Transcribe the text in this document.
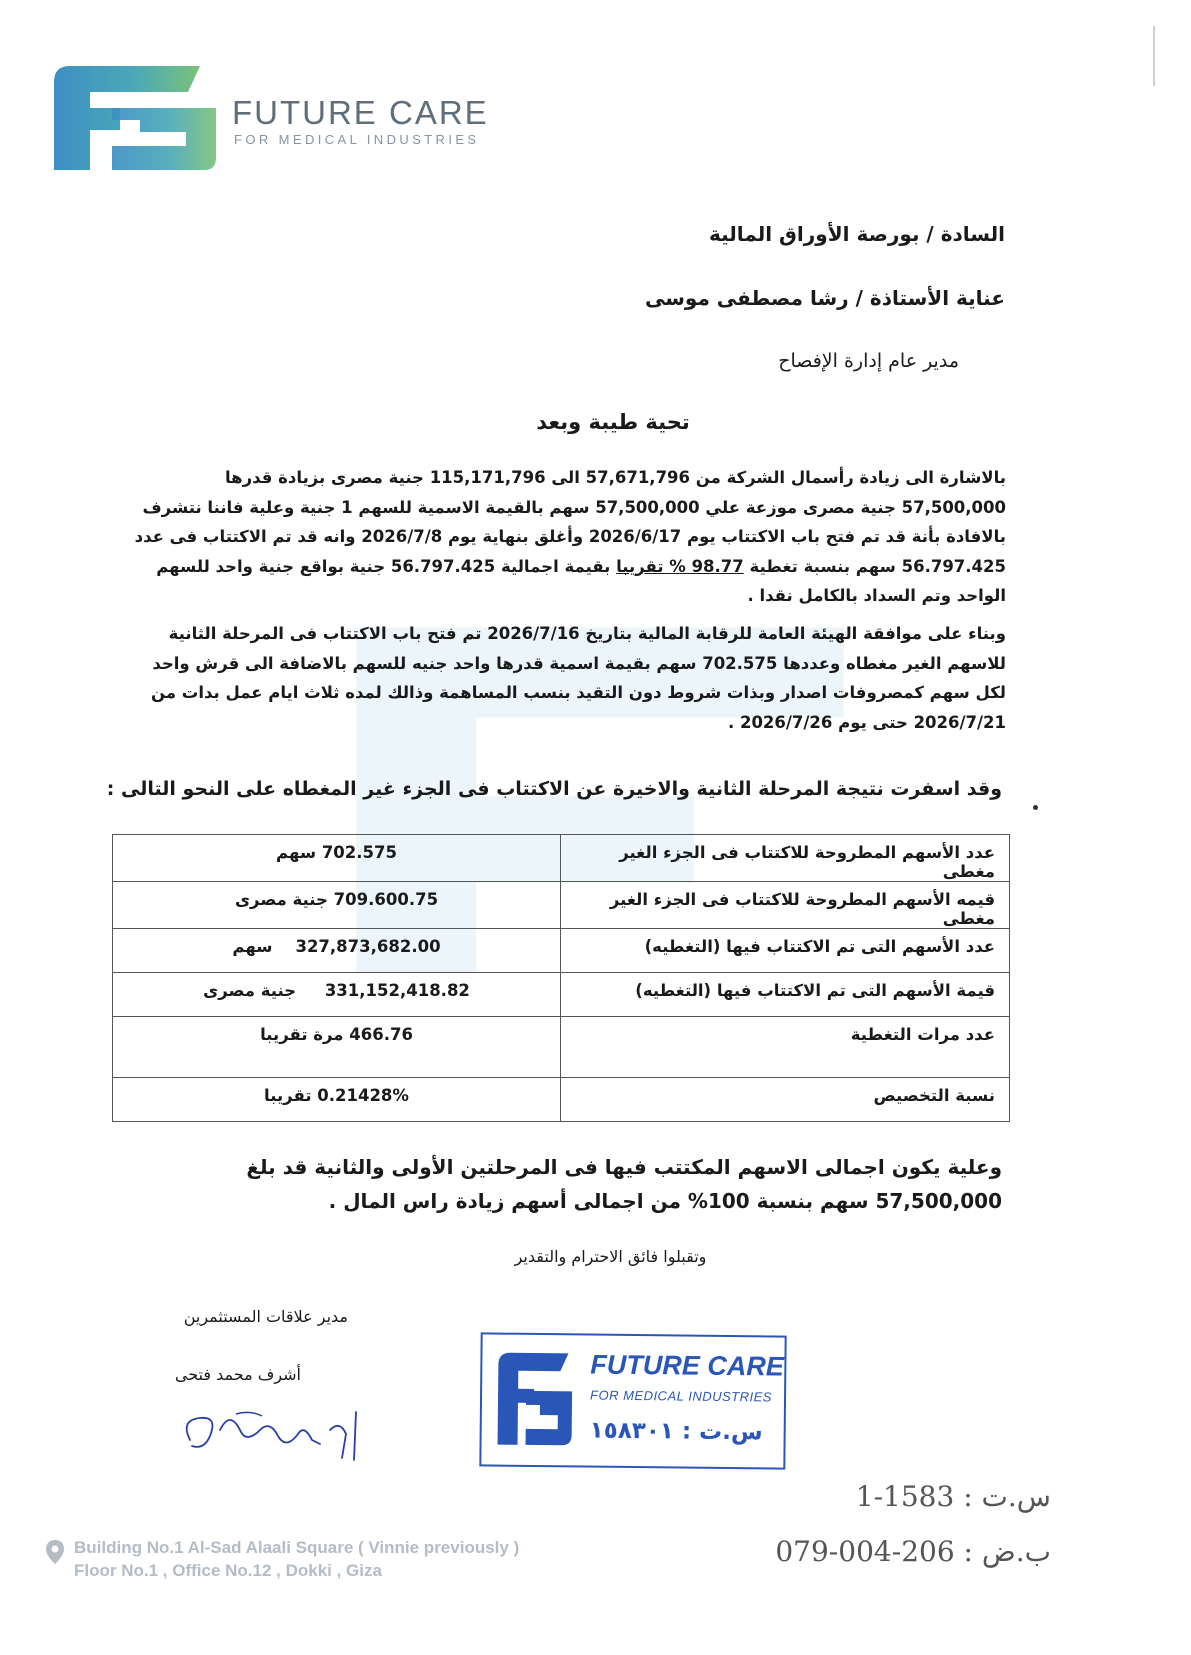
FUTURE CARE
FOR MEDICAL INDUSTRIES
السادة / بورصة الأوراق المالية
عناية الأستاذة / رشا مصطفى موسى
مدير عام إدارة الإفصاح
تحية طيبة وبعد
بالاشارة الى زيادة رأسمال الشركة من 57,671,796 الى 115,171,796 جنية مصرى بزيادة قدرها 57,500,000 جنية مصرى موزعة علي 57,500,000 سهم بالقيمة الاسمية للسهم 1 جنية وعلية فاننا نتشرف بالافادة بأنة قد تم فتح باب الاكتتاب يوم 2026/6/17 وأغلق بنهاية يوم 2026/7/8 وانه قد تم الاكتتاب فى عدد 56.797.425 سهم بنسبة تغطية 98.77 % تقريبا بقيمة اجمالية 56.797.425 جنية بواقع جنية واحد للسهم الواحد وتم السداد بالكامل نقدا .
وبناء على موافقة الهيئة العامة للرقابة المالية بتاريخ 2026/7/16 تم فتح باب الاكتتاب فى المرحلة الثانية للاسهم الغير مغطاه وعددها 702.575 سهم بقيمة اسمية قدرها واحد جنيه للسهم بالاضافة الى قرش واحد لكل سهم كمصروفات اصدار وبذات شروط دون التقيد بنسب المساهمة وذالك لمده ثلاث ايام عمل بدات من 2026/7/21 حتى يوم 2026/7/26 .
وقد اسفرت نتيجة المرحلة الثانية والاخيرة عن الاكتتاب فى الجزء غير المغطاه على النحو التالى :
عدد الأسهم المطروحة للاكتتاب فى الجزء الغير مغطى	702.575 سهم
قيمه الأسهم المطروحة للاكتتاب فى الجزء الغير مغطى	709.600.75 جنية مصرى
عدد الأسهم التى تم الاكتتاب فيها (التغطيه)	327,873,682.00    سهم
قيمة الأسهم التى تم الاكتتاب فيها (التغطيه)	331,152,418.82     جنية مصرى
عدد مرات التغطية	466.76 مرة تقريبا
نسبة التخصيص	0.21428% تقريبا
وعلية يكون اجمالى الاسهم المكتتب فيها فى المرحلتين الأولى والثانية قد بلغ 57,500,000 سهم بنسبة 100% من اجمالى أسهم زيادة راس المال .
وتقبلوا فائق الاحترام والتقدير
مدير علاقات المستثمرين
أشرف محمد فتحى	FUTURE CARE
FOR MEDICAL INDUSTRIES
س.ت : ١٥٨٣٠١
س.ت : 1583-1
ب.ض : 206-004-079
Building No.1 Al-Sad Alaali Square ( Vinnie previously )
Floor No.1 , Office No.12 , Dokki , Giza
